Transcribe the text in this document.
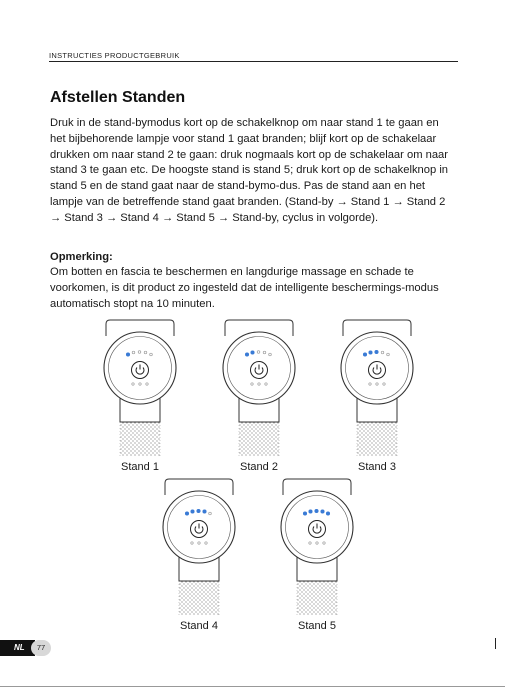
INSTRUCTIES PRODUCTGEBRUIK
Afstellen Standen

Druk in de stand-bymodus kort op de schakelknop om naar stand 1 te gaan en het bijbehorende lampje voor stand 1 gaat branden; blijf kort op de schakelaar drukken om naar stand 2 te gaan: druk nogmaals kort op de schakelaar om naar stand 3 te gaan etc. De hoogste stand is stand 5; druk kort op de schakelknop in stand 5 en de stand gaat naar de stand-bymo-dus. Pas de stand aan en het lampje van de betreffende stand gaat branden. (Stand-by → Stand 1 → Stand 2 → Stand 3 → Stand 4 → Stand 5 → Stand-by, cyclus in volgorde).

Opmerking:

Om botten en fascia te beschermen en langdurige massage en schade te voorkomen, is dit product zo ingesteld dat de intelligente beschermings-modus automatisch stopt na 10 minuten.

Stand 1	Stand 2	Stand 3
Stand 4	Stand 5
NL	77
